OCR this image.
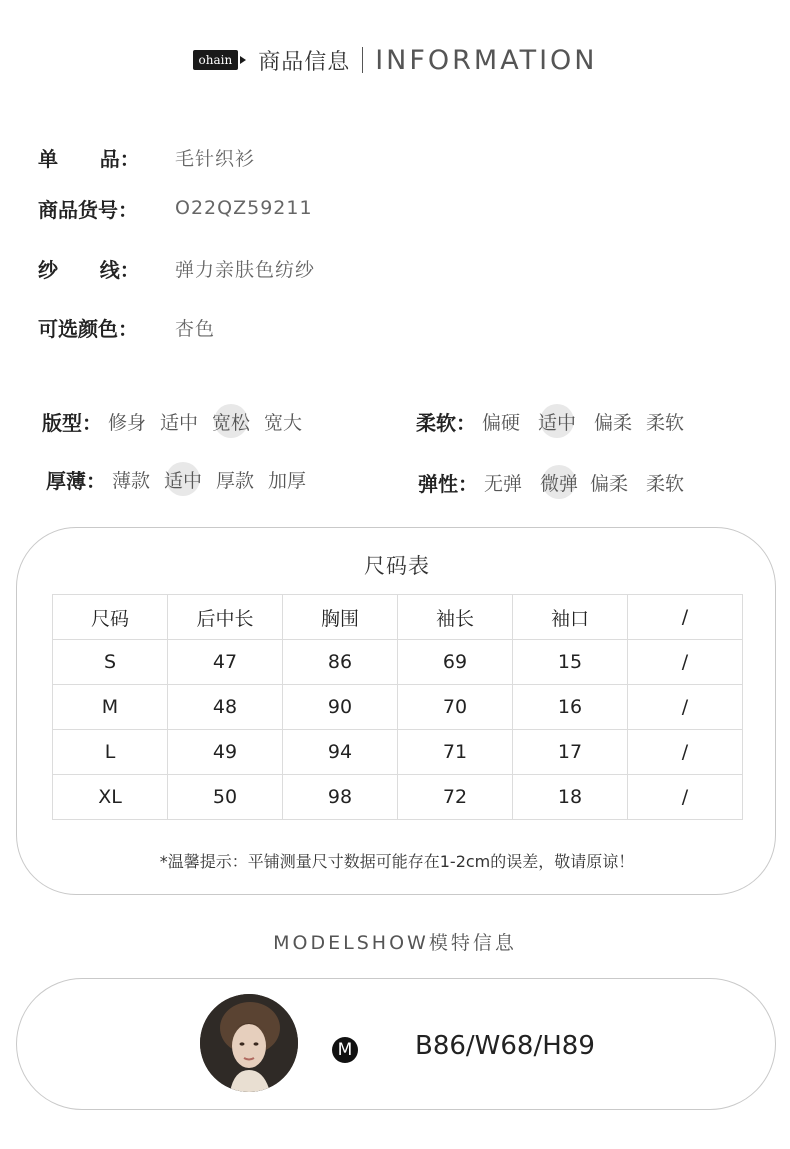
ohain 商品信息 INFORMATION
单      品：	毛针织衫
商品货号：	O22QZ59211
纱      线：	弹力亲肤色纺纱
可选颜色：	杏色
版型： 修身 适中 宽松 宽大	柔软： 偏硬 适中 偏柔 柔软
厚薄： 薄款 适中 厚款 加厚	弹性： 无弹 微弹 偏柔 柔软
尺码表
尺码	后中长	胸围	袖长	袖口	/
S	47	86	69	15	/
M	48	90	70	16	/
L	49	94	71	17	/
XL	50	98	72	18	/
*温馨提示：平铺测量尺寸数据可能存在1-2cm的误差，敬请原谅！
MODELSHOW模特信息
M B86/W68/H89
